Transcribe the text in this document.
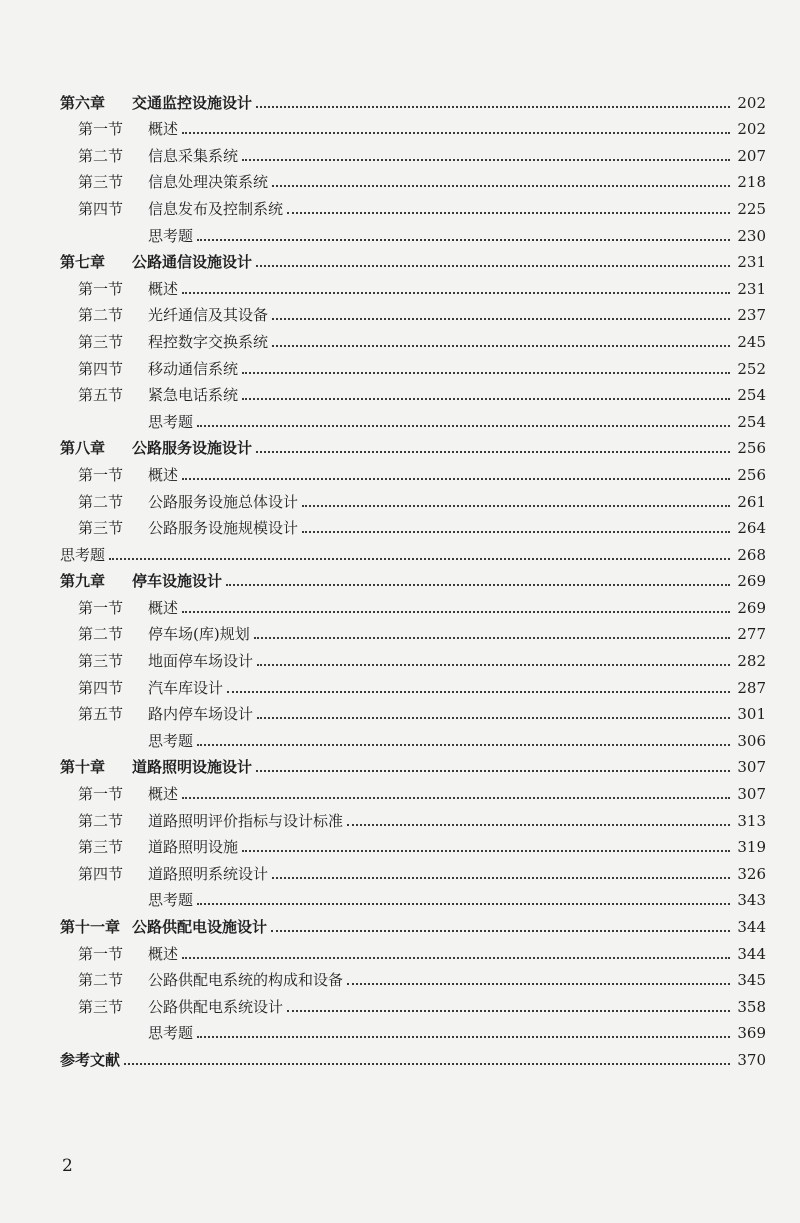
第六章	交通监控设施设计	202
第一节	概述	202
第二节	信息采集系统	207
第三节	信息处理决策系统	218
第四节	信息发布及控制系统	225
思考题	230
第七章	公路通信设施设计	231
第一节	概述	231
第二节	光纤通信及其设备	237
第三节	程控数字交换系统	245
第四节	移动通信系统	252
第五节	紧急电话系统	254
思考题	254
第八章	公路服务设施设计	256
第一节	概述	256
第二节	公路服务设施总体设计	261
第三节	公路服务设施规模设计	264
思考题	268
第九章	停车设施设计	269
第一节	概述	269
第二节	停车场(库)规划	277
第三节	地面停车场设计	282
第四节	汽车库设计	287
第五节	路内停车场设计	301
思考题	306
第十章	道路照明设施设计	307
第一节	概述	307
第二节	道路照明评价指标与设计标准	313
第三节	道路照明设施	319
第四节	道路照明系统设计	326
思考题	343
第十一章 公路供配电设施设计	344
第一节	概述	344
第二节	公路供配电系统的构成和设备	345
第三节	公路供配电系统设计	358
思考题	369
参考文献	370
2
